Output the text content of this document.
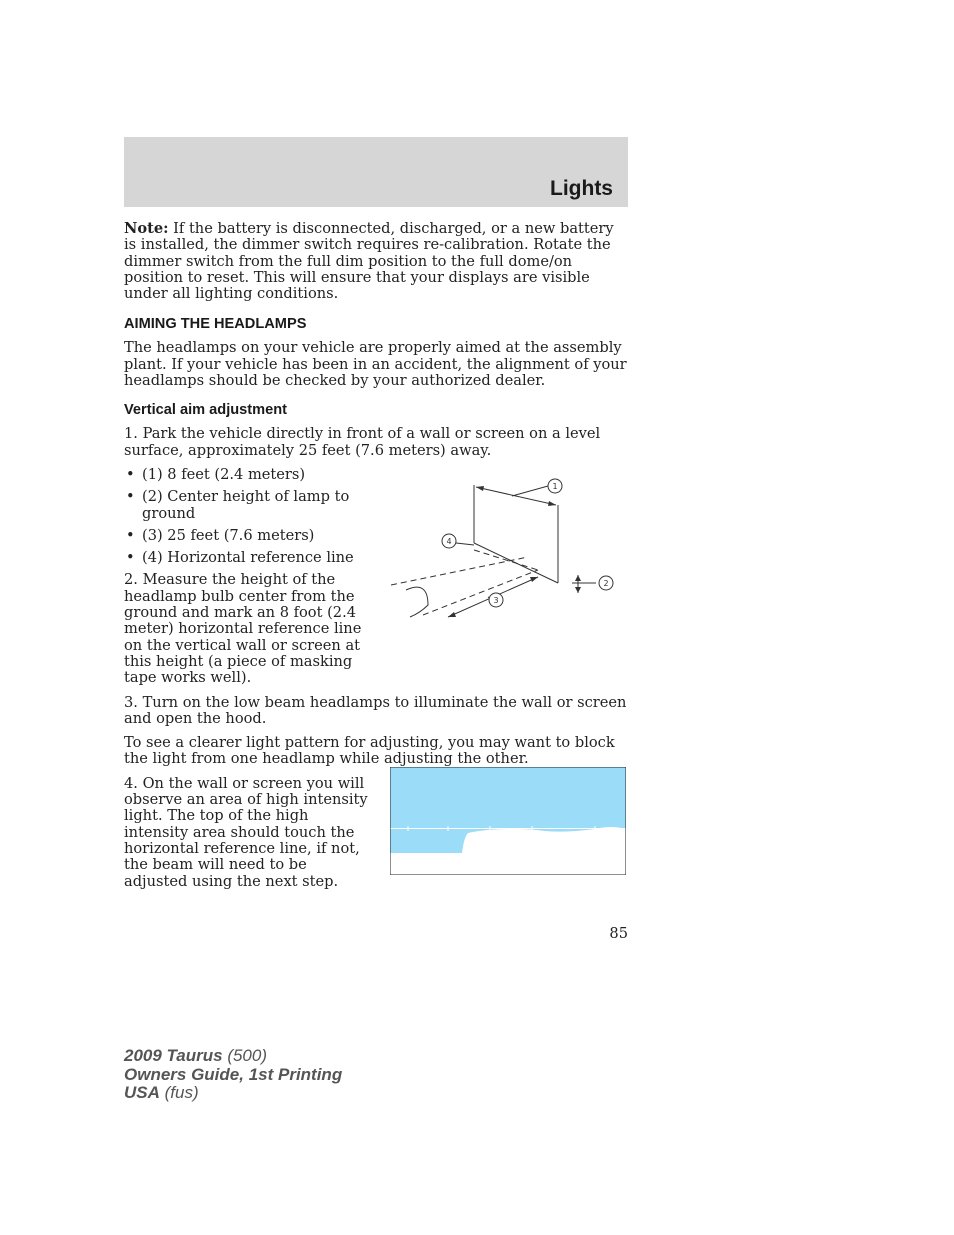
Lights

Note: If the battery is disconnected, discharged, or a new battery is installed, the dimmer switch requires re-calibration. Rotate the dimmer switch from the full dim position to the full dome/on position to reset. This will ensure that your displays are visible under all lighting conditions.

AIMING THE HEADLAMPS

The headlamps on your vehicle are properly aimed at the assembly plant. If your vehicle has been in an accident, the alignment of your headlamps should be checked by your authorized dealer.

Vertical aim adjustment

1. Park the vehicle directly in front of a wall or screen on a level surface, approximately 25 feet (7.6 meters) away.

• (1) 8 feet (2.4 meters)
• (2) Center height of lamp to ground
• (3) 25 feet (7.6 meters)
• (4) Horizontal reference line

2. Measure the height of the headlamp bulb center from the ground and mark an 8 foot (2.4 meter) horizontal reference line on the vertical wall or screen at this height (a piece of masking tape works well).

3. Turn on the low beam headlamps to illuminate the wall or screen and open the hood.

To see a clearer light pattern for adjusting, you may want to block the light from one headlamp while adjusting the other.

4. On the wall or screen you will observe an area of high intensity light. The top of the high intensity area should touch the horizontal reference line, if not, the beam will need to be adjusted using the next step.

1
2
3
4
85
2009 Taurus (500)
Owners Guide, 1st Printing
USA (fus)
